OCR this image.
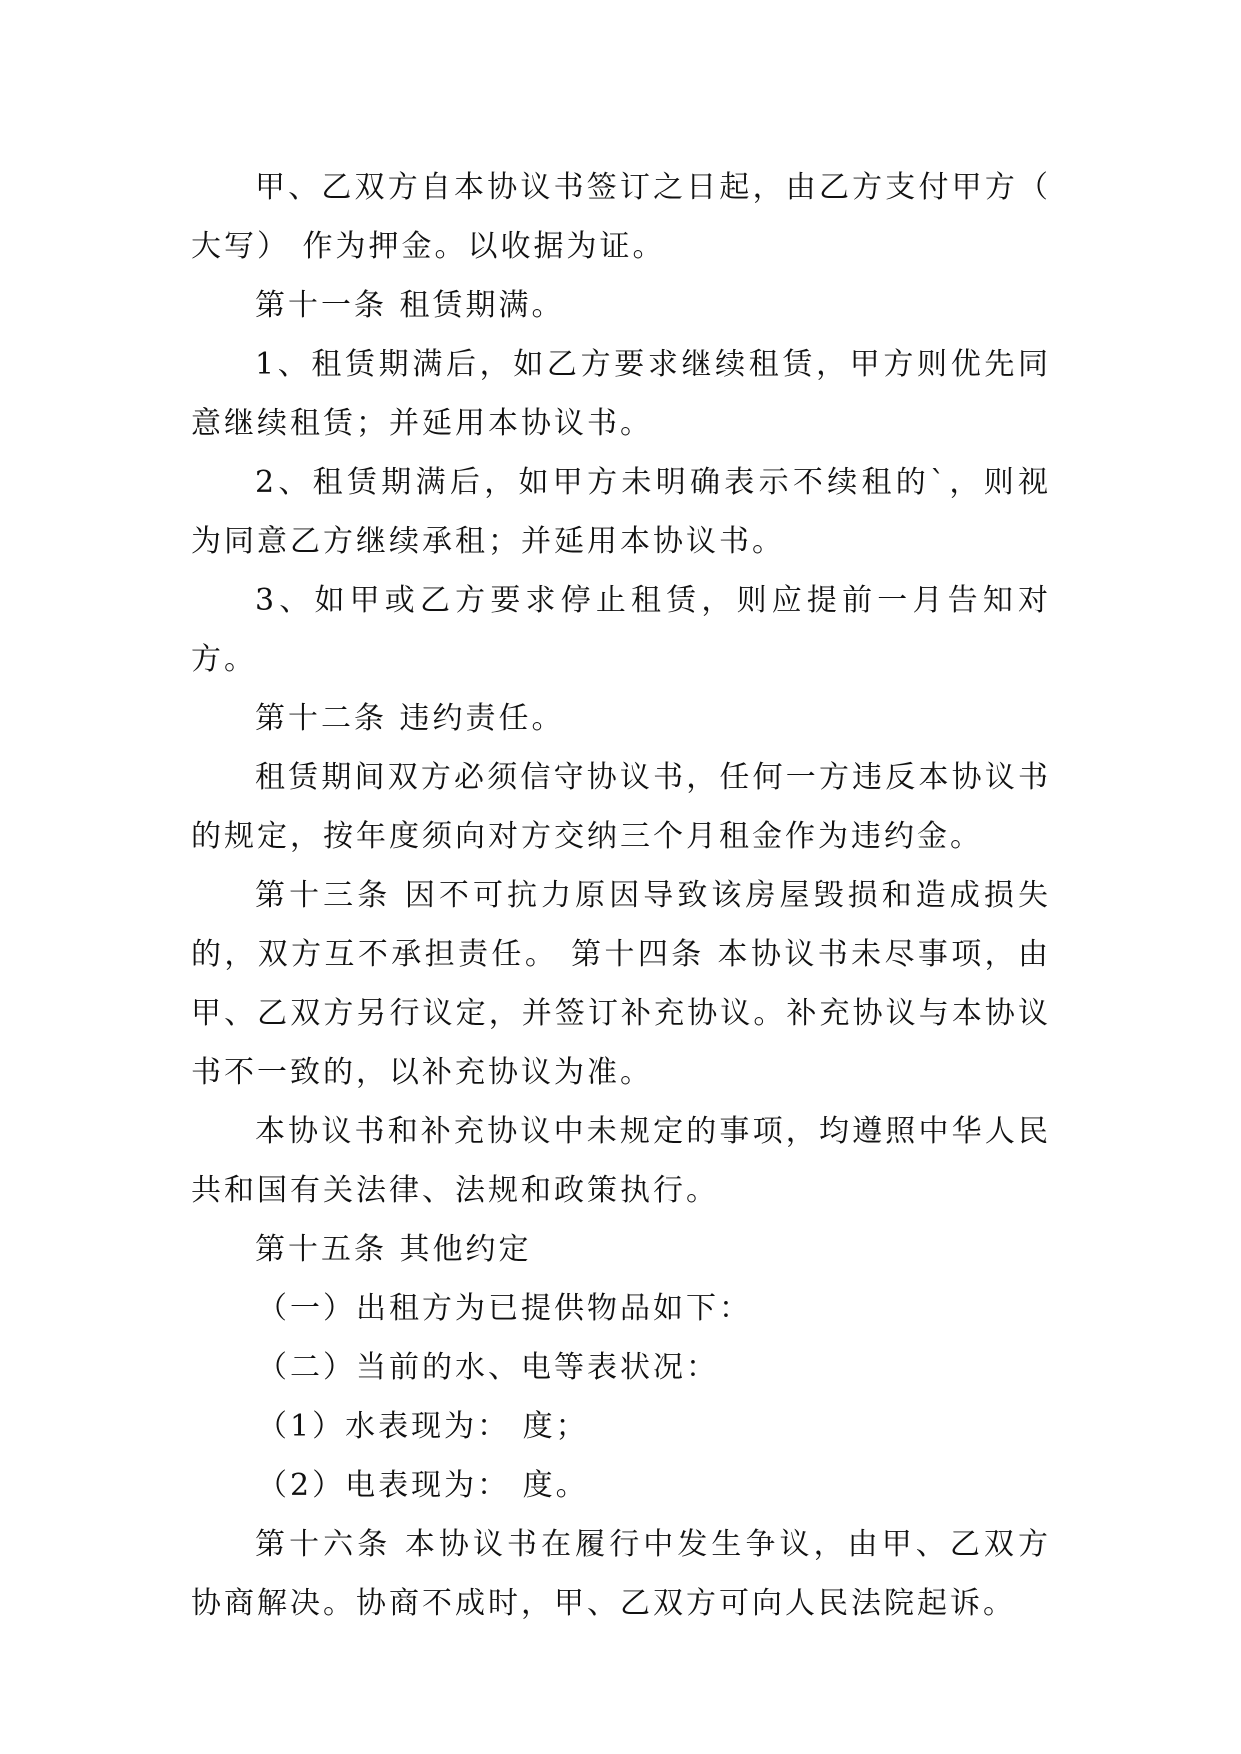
甲、乙双方自本协议书签订之日起，由乙方支付甲方（ 大写） 作为押金。以收据为证。

第十一条 租赁期满。

1、租赁期满后，如乙方要求继续租赁，甲方则优先同意继续租赁；并延用本协议书。

2、租赁期满后，如甲方未明确表示不续租的`，则视为同意乙方继续承租；并延用本协议书。

3、如甲或乙方要求停止租赁，则应提前一月告知对方。

第十二条 违约责任。

租赁期间双方必须信守协议书，任何一方违反本协议书的规定，按年度须向对方交纳三个月租金作为违约金。

第十三条 因不可抗力原因导致该房屋毁损和造成损失的，双方互不承担责任。 第十四条 本协议书未尽事项，由甲、乙双方另行议定，并签订补充协议。补充协议与本协议书不一致的，以补充协议为准。

本协议书和补充协议中未规定的事项，均遵照中华人民共和国有关法律、法规和政策执行。

第十五条 其他约定

（一）出租方为已提供物品如下：

（二）当前的水、电等表状况：

（1）水表现为： 度；

（2）电表现为： 度。

第十六条 本协议书在履行中发生争议，由甲、乙双方协商解决。协商不成时，甲、乙双方可向人民法院起诉。
